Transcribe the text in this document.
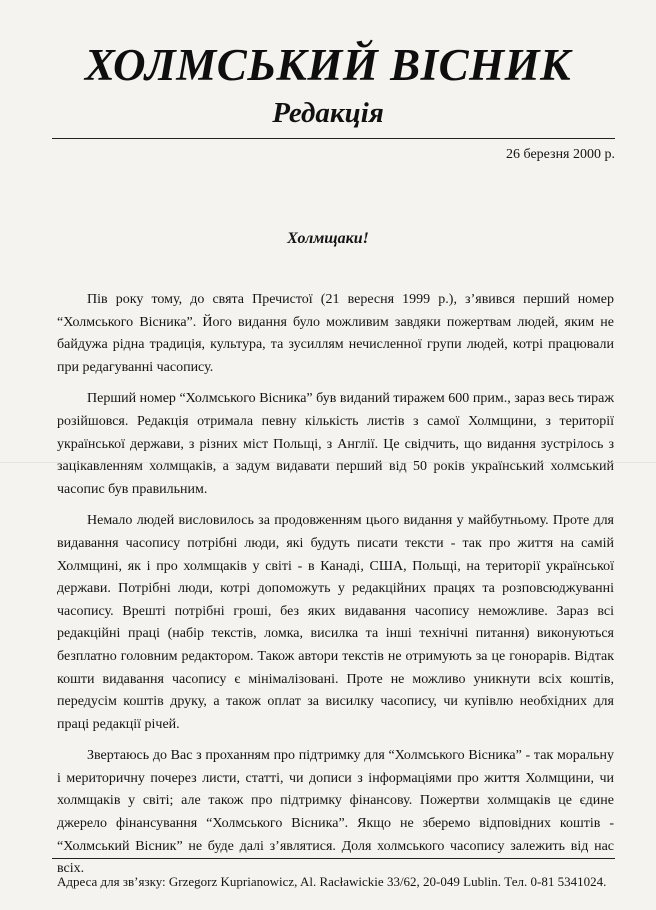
ХОЛМСЬКИЙ ВІСНИК
Редакція
26 березня 2000 р.
Холмщаки!

Пів року тому, до свята Пречистої (21 вересня 1999 р.), з’явився перший номер “Холмського Вісника”. Його видання було можливим завдяки пожертвам людей, яким не байдужа рідна традиція, культура, та зусиллям нечисленної групи людей, котрі працювали при редагуванні часопису.

Перший номер “Холмського Вісника” був виданий тиражем 600 прим., зараз весь тираж розійшовся. Редакція отримала певну кількість листів з самої Холмщини, з території української держави, з різних міст Польщі, з Англії. Це свідчить, що видання зустрілось з зацікавленням холмщаків, а задум видавати перший від 50 років український холмський часопис був правильним.

Немало людей висловилось за продовженням цього видання у майбутньому. Проте для видавання часопису потрібні люди, які будуть писати тексти - так про життя на самій Холмщині, як і про холмщаків у світі - в Канаді, США, Польщі, на території української держави. Потрібні люди, котрі допоможуть у редакційних працях та розповсюджуванні часопису. Врешті потрібні гроші, без яких видавання часопису неможливе. Зараз всі редакційні праці (набір текстів, ломка, висилка та інші технічні питання) виконуються безплатно головним редактором. Також автори текстів не отримують за це гонорарів. Відтак кошти видавання часопису є мінімалізовані. Проте не можливо уникнути всіх коштів, передусім коштів друку, а також оплат за висилку часопису, чи купівлю необхідних для праці редакції річей.

Звертаюсь до Вас з проханням про підтримку для “Холмського Вісника” - так моральну і мериторичну почерез листи, статті, чи дописи з інформаціями про життя Холмщини, чи холмщаків у світі; але також про підтримку фінансову. Пожертви холмщаків це єдине джерело фінансування “Холмського Вісника”. Якщо не зберемо відповідних коштів - “Холмський Вісник” не буде далі з’являтися. Доля холмського часопису залежить від нас всіх.

Адреса для зв’язку: Grzegorz Kuprianowicz, Al. Racławickie 33/62, 20-049 Lublin. Тел. 0-81 5341024.
